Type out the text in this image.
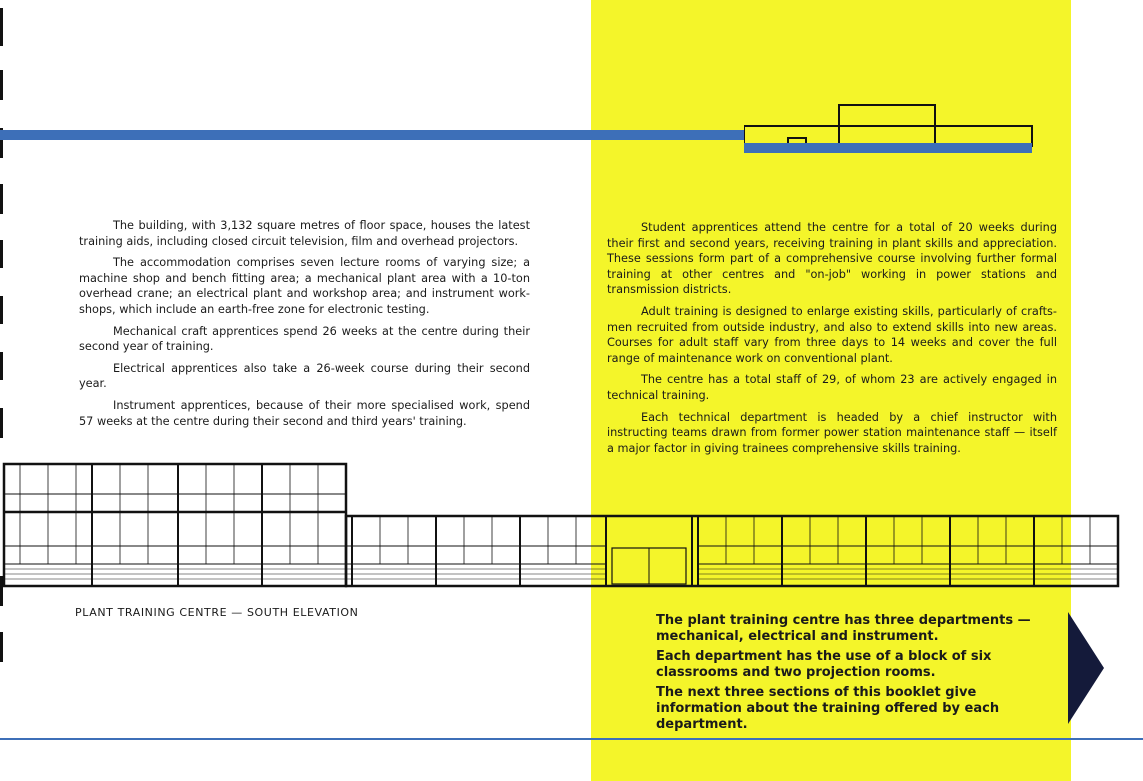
The building, with 3,132 square metres of floor space, houses the latest training aids, including closed circuit television, film and overhead projectors.

The accommodation comprises seven lecture rooms of varying size; a machine shop and bench fitting area; a mechanical plant area with a 10-ton overhead crane; an electrical plant and workshop area; and instrument work-shops, which include an earth-free zone for electronic testing.

Mechanical craft apprentices spend 26 weeks at the centre during their second year of training.

Electrical apprentices also take a 26-week course during their second year.

Instrument apprentices, because of their more specialised work, spend 57 weeks at the centre during their second and third years' training.

Student apprentices attend the centre for a total of 20 weeks during their first and second years, receiving training in plant skills and appreciation. These sessions form part of a comprehensive course involving further formal training at other centres and "on-job" working in power stations and transmission districts.

Adult training is designed to enlarge existing skills, particularly of crafts-men recruited from outside industry, and also to extend skills into new areas. Courses for adult staff vary from three days to 14 weeks and cover the full range of maintenance work on conventional plant.

The centre has a total staff of 29, of whom 23 are actively engaged in technical training.

Each technical department is headed by a chief instructor with instructing teams drawn from former power station maintenance staff — itself a major factor in giving trainees comprehensive skills training.

PLANT TRAINING CENTRE — SOUTH ELEVATION

The plant training centre has three departments — mechanical, electrical and instrument.

Each department has the use of a block of six classrooms and two projection rooms.

The next three sections of this booklet give information about the training offered by each department.
